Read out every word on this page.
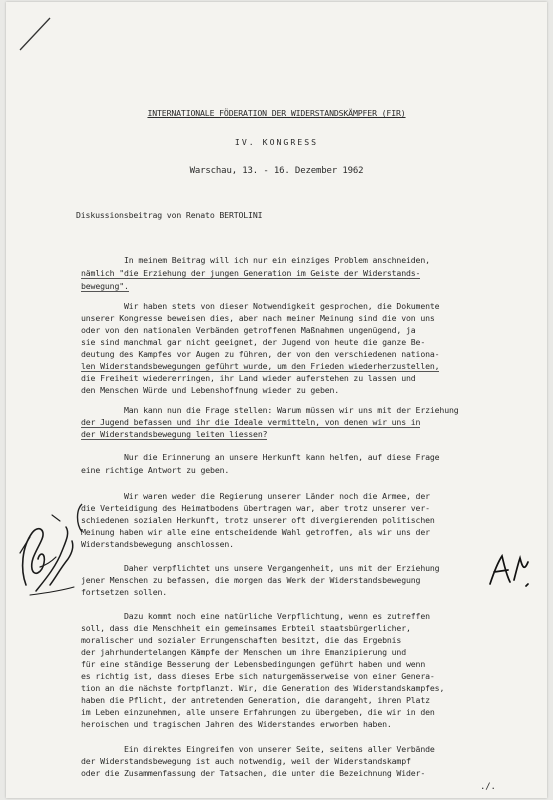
INTERNATIONALE FÖDERATION DER WIDERSTANDSKÄMPFER (FIR)
IV. KONGRESS
Warschau, 13. - 16. Dezember 1962
Diskussionsbeitrag von Renato BERTOLINI
In meinem Beitrag will ich nur ein einziges Problem anschneiden,
nämlich "die Erziehung der jungen Generation im Geiste der Widerstands-
bewegung".
Wir haben stets von dieser Notwendigkeit gesprochen, die Dokumente
unserer Kongresse beweisen dies, aber nach meiner Meinung sind die von uns
oder von den nationalen Verbänden getroffenen Maßnahmen ungenügend, ja
sie sind manchmal gar nicht geeignet, der Jugend von heute die ganze Be-
deutung des Kampfes vor Augen zu führen, der von den verschiedenen nationa-
len Widerstandsbewegungen geführt wurde, um den Frieden wiederherzustellen,
die Freiheit wiedererringen, ihr Land wieder auferstehen zu lassen und
den Menschen Würde und Lebenshoffnung wieder zu geben.
Man kann nun die Frage stellen: Warum müssen wir uns mit der Erziehung
der Jugend befassen und ihr die Ideale vermitteln, von denen wir uns in
der Widerstandsbewegung leiten liessen?
Nur die Erinnerung an unsere Herkunft kann helfen, auf diese Frage
eine richtige Antwort zu geben.
Wir waren weder die Regierung unserer Länder noch die Armee, der
die Verteidigung des Heimatbodens übertragen war, aber trotz unserer ver-
schiedenen sozialen Herkunft, trotz unserer oft divergierenden politischen
Meinung haben wir alle eine entscheidende Wahl getroffen, als wir uns der
Widerstandsbewegung anschlossen.
Daher verpflichtet uns unsere Vergangenheit, uns mit der Erziehung
jener Menschen zu befassen, die morgen das Werk der Widerstandsbewegung
fortsetzen sollen.
Dazu kommt noch eine natürliche Verpflichtung, wenn es zutreffen
soll, dass die Menschheit ein gemeinsames Erbteil staatsbürgerlicher,
moralischer und sozialer Errungenschaften besitzt, die das Ergebnis
der jahrhundertelangen Kämpfe der Menschen um ihre Emanzipierung und
für eine ständige Besserung der Lebensbedingungen geführt haben und wenn
es richtig ist, dass dieses Erbe sich naturgemässerweise von einer Genera-
tion an die nächste fortpflanzt. Wir, die Generation des Widerstandskampfes,
haben die Pflicht, der antretenden Generation, die darangeht, ihren Platz
im Leben einzunehmen, alle unsere Erfahrungen zu übergeben, die wir in den
heroischen und tragischen Jahren des Widerstandes erworben haben.
Ein direktes Eingreifen von unserer Seite, seitens aller Verbände
der Widerstandsbewegung ist auch notwendig, weil der Widerstandskampf
oder die Zusammenfassung der Tatsachen, die unter die Bezeichnung Wider-
./.
